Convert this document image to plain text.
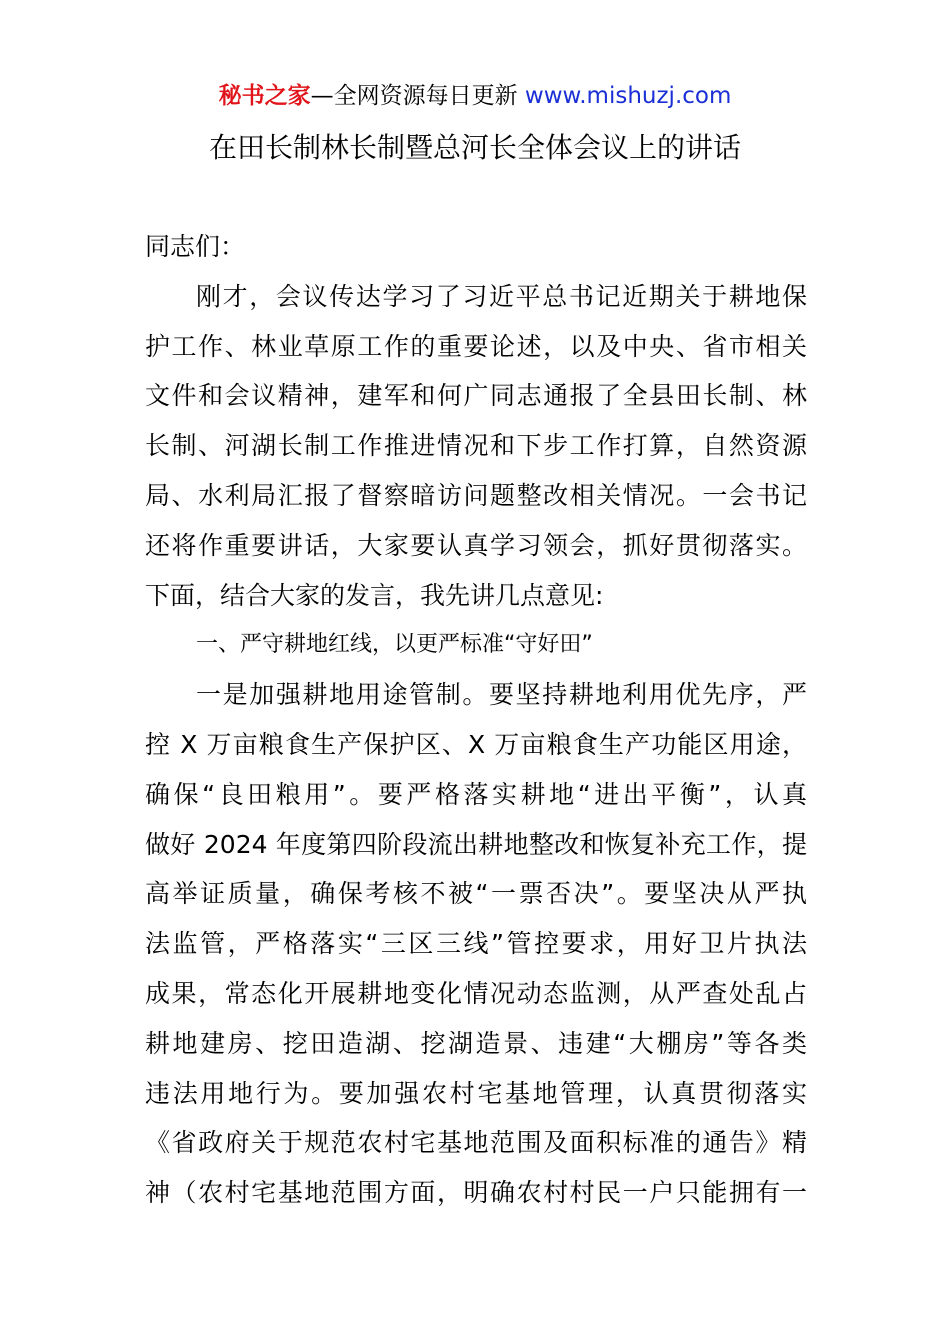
秘书之家—全网资源每日更新 www.mishuzj.com
在田长制林长制暨总河长全体会议上的讲话
同志们：
刚才，会议传达学习了习近平总书记近期关于耕地保
护工作、林业草原工作的重要论述，以及中央、省市相关
文件和会议精神，建军和何广同志通报了全县田长制、林
长制、河湖长制工作推进情况和下步工作打算，自然资源
局、水利局汇报了督察暗访问题整改相关情况。一会书记
还将作重要讲话，大家要认真学习领会，抓好贯彻落实。
下面，结合大家的发言，我先讲几点意见:
一、严守耕地红线，以更严标准“守好田”
一是加强耕地用途管制。要坚持耕地利用优先序，严
控 X 万亩粮食生产保护区、X 万亩粮食生产功能区用途，
确保“良田粮用”。要严格落实耕地“进出平衡”，认真
做好 2024 年度第四阶段流出耕地整改和恢复补充工作，提
高举证质量，确保考核不被“一票否决”。要坚决从严执
法监管，严格落实“三区三线”管控要求，用好卫片执法
成果，常态化开展耕地变化情况动态监测，从严查处乱占
耕地建房、挖田造湖、挖湖造景、违建“大棚房”等各类
违法用地行为。要加强农村宅基地管理，认真贯彻落实
《省政府关于规范农村宅基地范围及面积标准的通告》精
神（农村宅基地范围方面，明确农村村民一户只能拥有一
